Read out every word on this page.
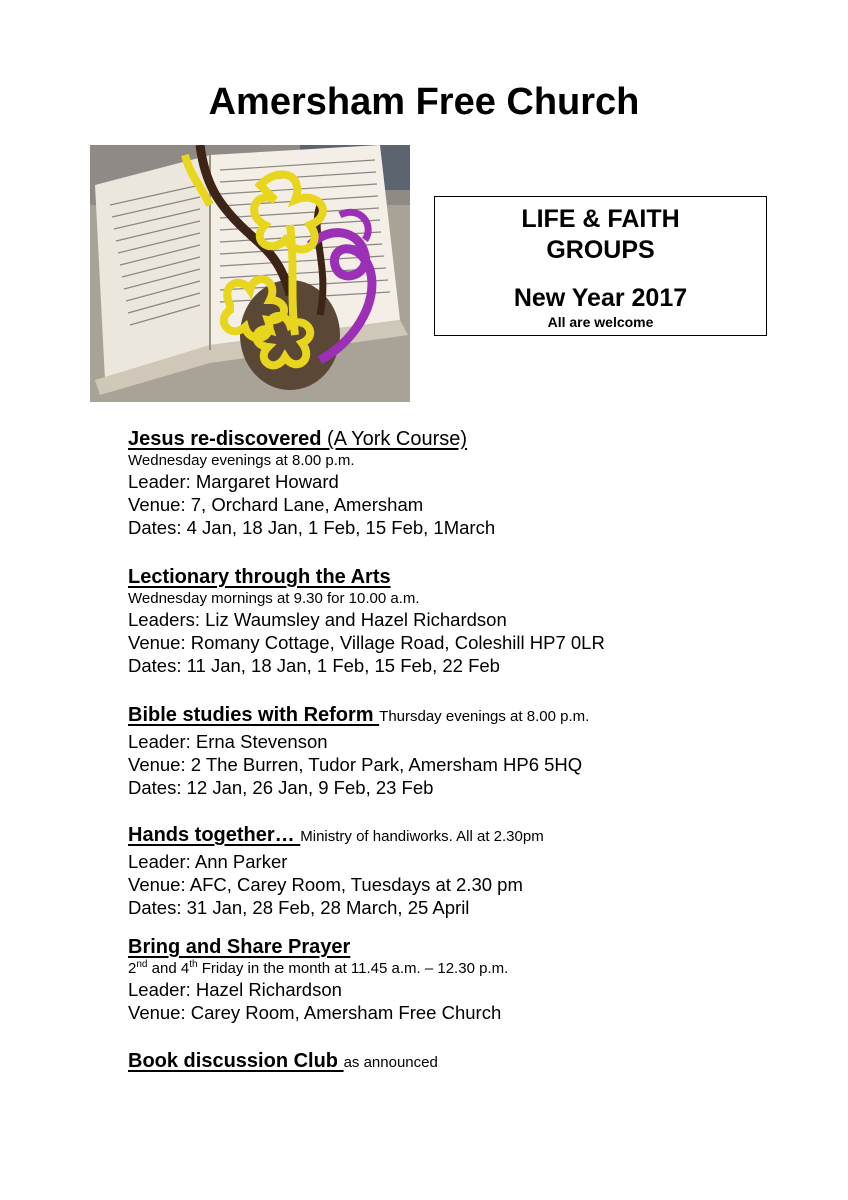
Amersham Free Church
LIFE & FAITH
GROUPS
New Year 2017
All are welcome
Jesus re-discovered (A York Course)
Wednesday evenings at 8.00 p.m.
Leader: Margaret Howard
Venue: 7, Orchard Lane, Amersham
Dates: 4 Jan, 18 Jan, 1 Feb, 15 Feb, 1March
Lectionary through the Arts
Wednesday mornings at 9.30 for 10.00 a.m.
Leaders: Liz Waumsley and Hazel Richardson
Venue: Romany Cottage, Village Road, Coleshill HP7 0LR
Dates: 11 Jan, 18 Jan, 1 Feb, 15 Feb, 22 Feb
Bible studies with Reform Thursday evenings at 8.00 p.m.
Leader: Erna Stevenson
Venue: 2 The Burren, Tudor Park, Amersham HP6 5HQ
Dates: 12 Jan, 26 Jan, 9 Feb, 23 Feb
Hands together… Ministry of handiworks. All at 2.30pm
Leader: Ann Parker
Venue: AFC, Carey Room, Tuesdays at 2.30 pm
Dates: 31 Jan, 28 Feb, 28 March, 25 April
Bring and Share Prayer
2nd and 4th Friday in the month at 11.45 a.m. – 12.30 p.m.
Leader: Hazel Richardson
Venue: Carey Room, Amersham Free Church
Book discussion Club as announced
